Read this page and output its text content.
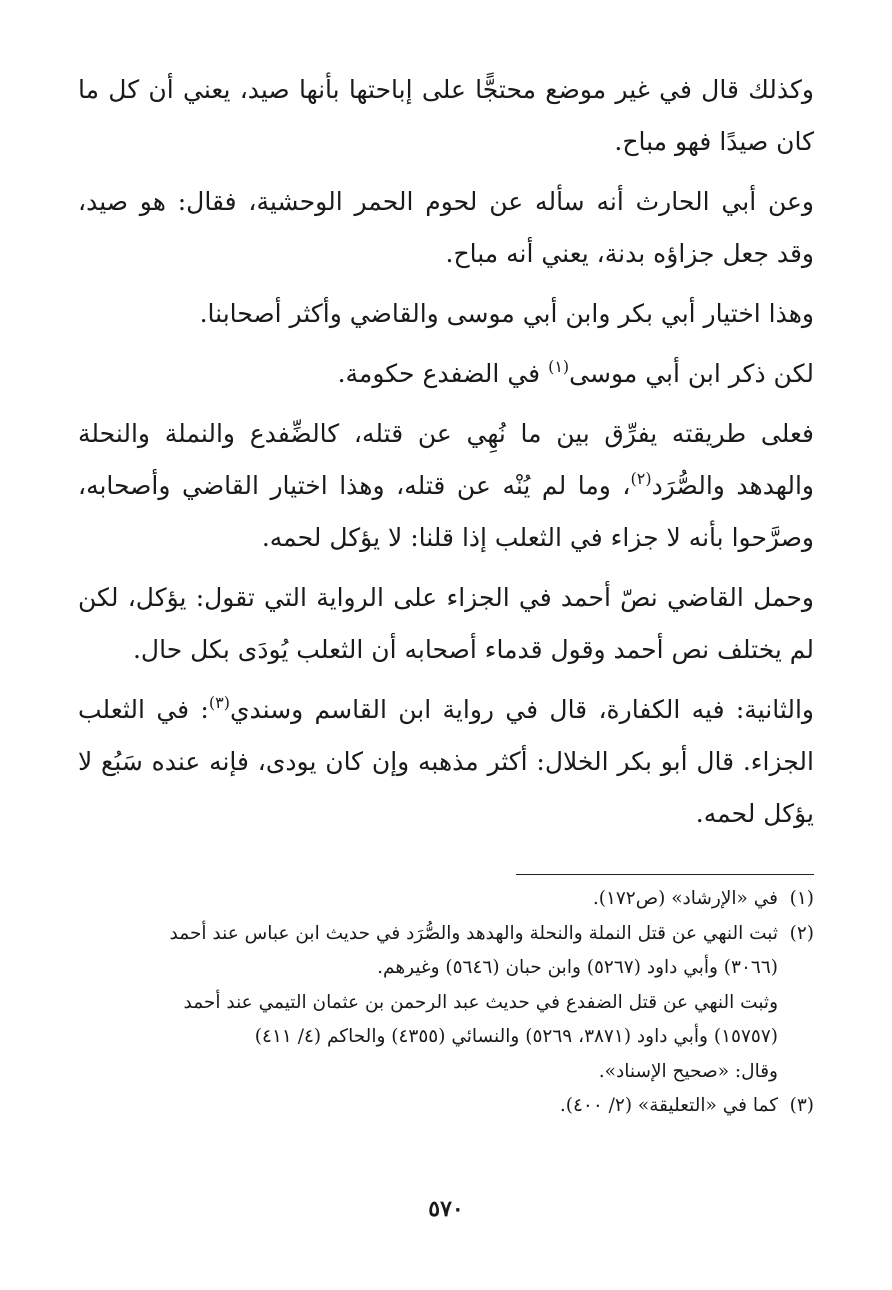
وكذلك قال في غير موضع محتجًّا على إباحتها بأنها صيد، يعني أن كل ما كان صيدًا فهو مباح.

وعن أبي الحارث أنه سأله عن لحوم الحمر الوحشية، فقال: هو صيد، وقد جعل جزاؤه بدنة، يعني أنه مباح.

وهذا اختيار أبي بكر وابن أبي موسى والقاضي وأكثر أصحابنا.

لكن ذكر ابن أبي موسى$^{(١)}$ في الضفدع حكومة.

فعلى طريقته يفرِّق بين ما نُهِي عن قتله، كالضِّفدع والنملة والنحلة والهدهد والصُّرَد$^{(٢)}$، وما لم يُنْه عن قتله، وهذا اختيار القاضي وأصحابه، وصرَّحوا بأنه لا جزاء في الثعلب إذا قلنا: لا يؤكل لحمه.

وحمل القاضي نصّ أحمد في الجزاء على الرواية التي تقول: يؤكل، لكن لم يختلف نص أحمد وقول قدماء أصحابه أن الثعلب يُودَى بكل حال.

والثانية: فيه الكفارة، قال في رواية ابن القاسم وسندي$^{(٣)}$: في الثعلب الجزاء. قال أبو بكر الخلال: أكثر مذهبه وإن كان يودى، فإنه عنده سَبُع لا يؤكل لحمه.

(١)
في «الإرشاد» (ص١٧٢).
(٢)
ثبت النهي عن قتل النملة والنحلة والهدهد والصُّرَد في حديث ابن عباس عند أحمد
(٣٠٦٦) وأبي داود (٥٢٦٧) وابن حبان (٥٦٤٦) وغيرهم.
وثبت النهي عن قتل الضفدع في حديث عبد الرحمن بن عثمان التيمي عند أحمد
(١٥٧٥٧) وأبي داود (٣٨٧١، ٥٢٦٩) والنسائي (٤٣٥٥) والحاكم (٤/ ٤١١)
وقال: «صحيح الإسناد».
(٣)
كما في «التعليقة» (٢/ ٤٠٠).
٥٧٠
